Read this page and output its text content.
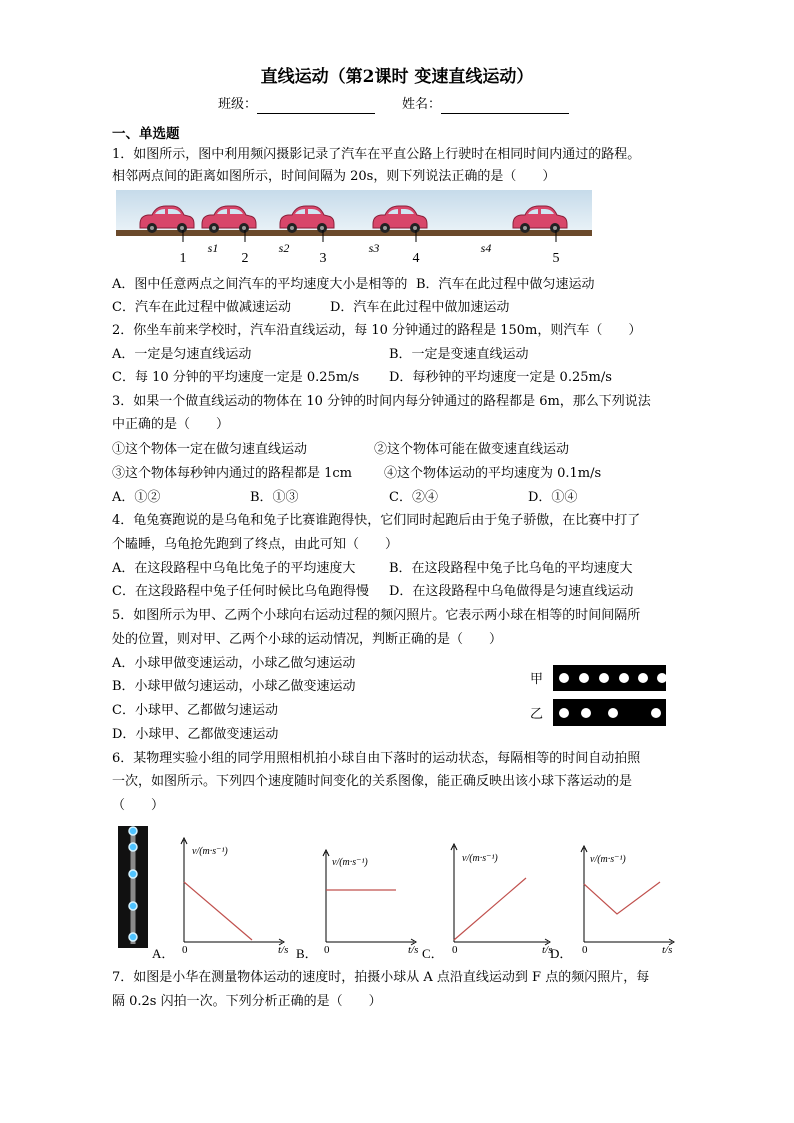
直线运动（第2课时 变速直线运动）
班级：	姓名：
一、单选题
1．如图所示，图中利用频闪摄影记录了汽车在平直公路上行驶时在相同时间内通过的路程。
相邻两点间的距离如图所示，时间间隔为 20s，则下列说法正确的是（　　）
1	2	3	4	5
s1	s2	s3	s4
A．图中任意两点之间汽车的平均速度大小是相等的 B．汽车在此过程中做匀速运动
C．汽车在此过程中做减速运动	D．汽车在此过程中做加速运动
2．你坐车前来学校时，汽车沿直线运动，每 10 分钟通过的路程是 150m，则汽车（　　）
A．一定是匀速直线运动	B．一定是变速直线运动
C．每 10 分钟的平均速度一定是 0.25m/s D．每秒钟的平均速度一定是 0.25m/s
3．如果一个做直线运动的物体在 10 分钟的时间内每分钟通过的路程都是 6m，那么下列说法
中正确的是（　　）
①这个物体一定在做匀速直线运动	②这个物体可能在做变速直线运动
③这个物体每秒钟内通过的路程都是 1cm ④这个物体运动的平均速度为 0.1m/s
A．①②	B．①③	C．②④	D．①④
4．龟兔赛跑说的是乌龟和兔子比赛谁跑得快，它们同时起跑后由于兔子骄傲，在比赛中打了
个瞌睡，乌龟抢先跑到了终点，由此可知（　　）
A．在这段路程中乌龟比兔子的平均速度大	B．在这段路程中兔子比乌龟的平均速度大
C．在这段路程中兔子任何时候比乌龟跑得慢 D．在这段路程中乌龟做得是匀速直线运动
5．如图所示为甲、乙两个小球向右运动过程的频闪照片。它表示两小球在相等的时间间隔所
处的位置，则对甲、乙两个小球的运动情况，判断正确的是（　　）
A．小球甲做变速运动，小球乙做匀速运动
B．小球甲做匀速运动，小球乙做变速运动
C．小球甲、乙都做匀速运动
D．小球甲、乙都做变速运动
甲
乙
6．某物理实验小组的同学用照相机拍小球自由下落时的运动状态，每隔相等的时间自动拍照
一次，如图所示。下列四个速度随时间变化的关系图像，能正确反映出该小球下落运动的是
（　　）
v/(m·s⁻¹)
0	t/s
A．
v/(m·s⁻¹)
0	t/s
B．
v/(m·s⁻¹)
0	t/s
C．
v/(m·s⁻¹)
0	t/s
D．
7．如图是小华在测量物体运动的速度时，拍摄小球从 A 点沿直线运动到 F 点的频闪照片，每
隔 0.2s 闪拍一次。下列分析正确的是（　　）
